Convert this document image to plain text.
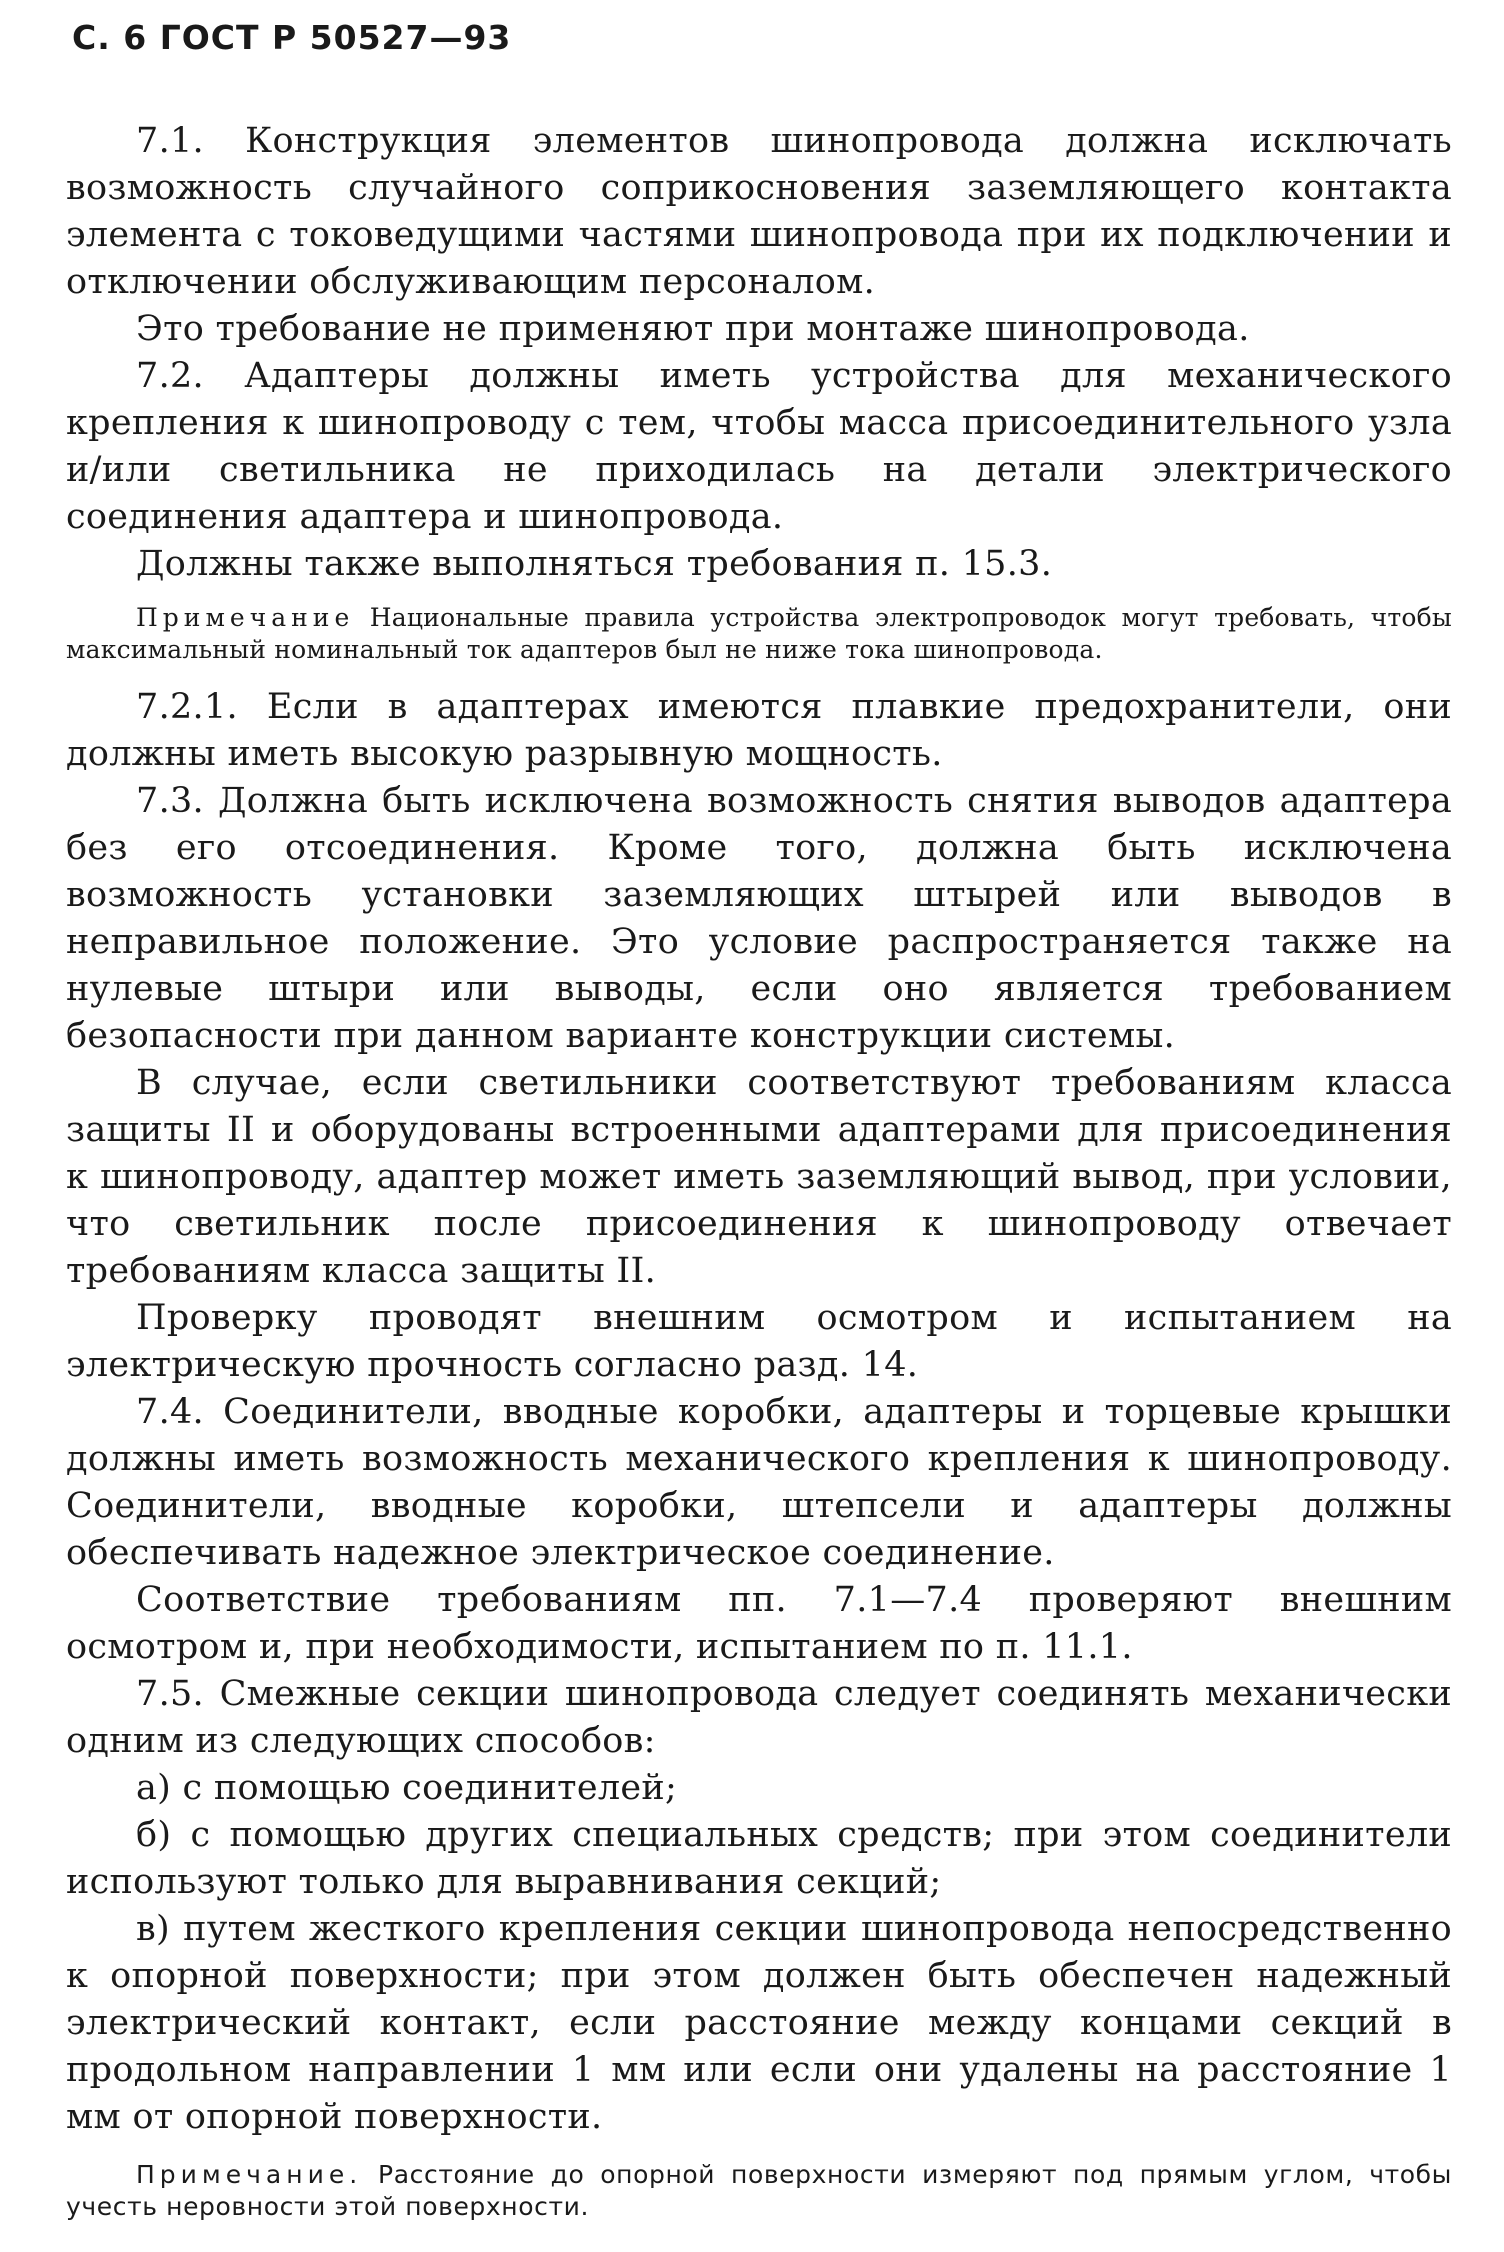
С. 6 ГОСТ Р 50527—93

7.1. Конструкция элементов шинопровода должна исключать возможность случайного соприкосновения заземляющего контакта элемента с токоведущими частями шинопровода при их подключении и отключении обслуживающим персоналом.

Это требование не применяют при монтаже шинопровода.

7.2. Адаптеры должны иметь устройства для механического крепления к шинопроводу с тем, чтобы масса присоединительного узла и/или светильника не приходилась на детали электрического соединения адаптера и шинопровода.

Должны также выполняться требования п. 15.3.

Примечание Национальные правила устройства электропроводок могут требовать, чтобы максимальный номинальный ток адаптеров был не ниже тока шинопровода.

7.2.1. Если в адаптерах имеются плавкие предохранители, они должны иметь высокую разрывную мощность.

7.3. Должна быть исключена возможность снятия выводов адаптера без его отсоединения. Кроме того, должна быть исключена возможность установки заземляющих штырей или выводов в неправильное положение. Это условие распространяется также на нулевые штыри или выводы, если оно является требованием безопасности при данном варианте конструкции системы.

В случае, если светильники соответствуют требованиям класса защиты II и оборудованы встроенными адаптерами для присоединения к шинопроводу, адаптер может иметь заземляющий вывод, при условии, что светильник после присоединения к шинопроводу отвечает требованиям класса защиты II.

Проверку проводят внешним осмотром и испытанием на электрическую прочность согласно разд. 14.

7.4. Соединители, вводные коробки, адаптеры и торцевые крышки должны иметь возможность механического крепления к шинопроводу. Соединители, вводные коробки, штепсели и адаптеры должны обеспечивать надежное электрическое соединение.

Соответствие требованиям пп. 7.1—7.4 проверяют внешним осмотром и, при необходимости, испытанием по п. 11.1.

7.5. Смежные секции шинопровода следует соединять механически одним из следующих способов:

а) с помощью соединителей;

б) с помощью других специальных средств; при этом соединители используют только для выравнивания секций;

в) путем жесткого крепления секции шинопровода непосредственно к опорной поверхности; при этом должен быть обеспечен надежный электрический контакт, если расстояние между концами секций в продольном направлении 1 мм или если они удалены на расстояние 1 мм от опорной поверхности.

Примечание. Расстояние до опорной поверхности измеряют под прямым углом, чтобы учесть неровности этой поверхности.
